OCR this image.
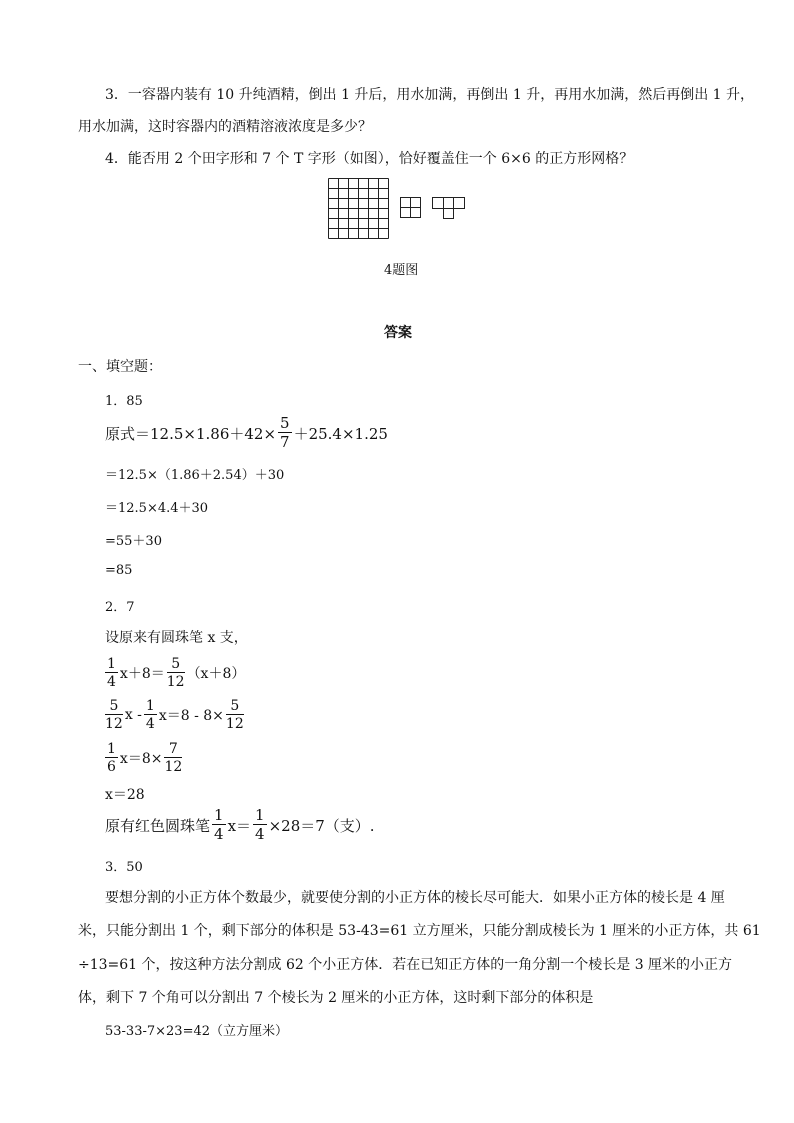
3．一容器内装有 10 升纯酒精，倒出 1 升后，用水加满，再倒出 1 升，再用水加满，然后再倒出 1 升，
用水加满，这时容器内的酒精溶液浓度是多少？
4．能否用 2 个田字形和 7 个 T 字形（如图），恰好覆盖住一个 6×6 的正方形网格？
4题图
答案
一、填空题：
1．85
原式$=12.5\times 1.86+42\times \frac{5}{7} +25.4\times 1.25$
＝12.5×（1.86＋2.54）＋30
＝12.5×4.4＋30
=55＋30
=85
2．7
设原来有圆珠笔 x 支，
$\frac{1}{4} x+8= \frac{5}{12} (x+8)$
$\frac{5}{12}$ $x - \frac{1}{4} x=8 - 8\times \frac{5}{12}$
$\frac{1}{6} x=8\times \frac{7}{12}$
x＝28
原有红色圆珠笔 $\frac{1}{4} x= \frac{1}{4} \times 28=7$（支）.
3．50
要想分割的小正方体个数最少，就要使分割的小正方体的棱长尽可能大．如果小正方体的棱长是 4 厘
米，只能分割出 1 个，剩下部分的体积是 53-43=61 立方厘米，只能分割成棱长为 1 厘米的小正方体，共 61
÷13=61 个，按这种方法分割成 62 个小正方体．若在已知正方体的一角分割一个棱长是 3 厘米的小正方
体，剩下 7 个角可以分割出 7 个棱长为 2 厘米的小正方体，这时剩下部分的体积是
53-33-7×23=42（立方厘米）
